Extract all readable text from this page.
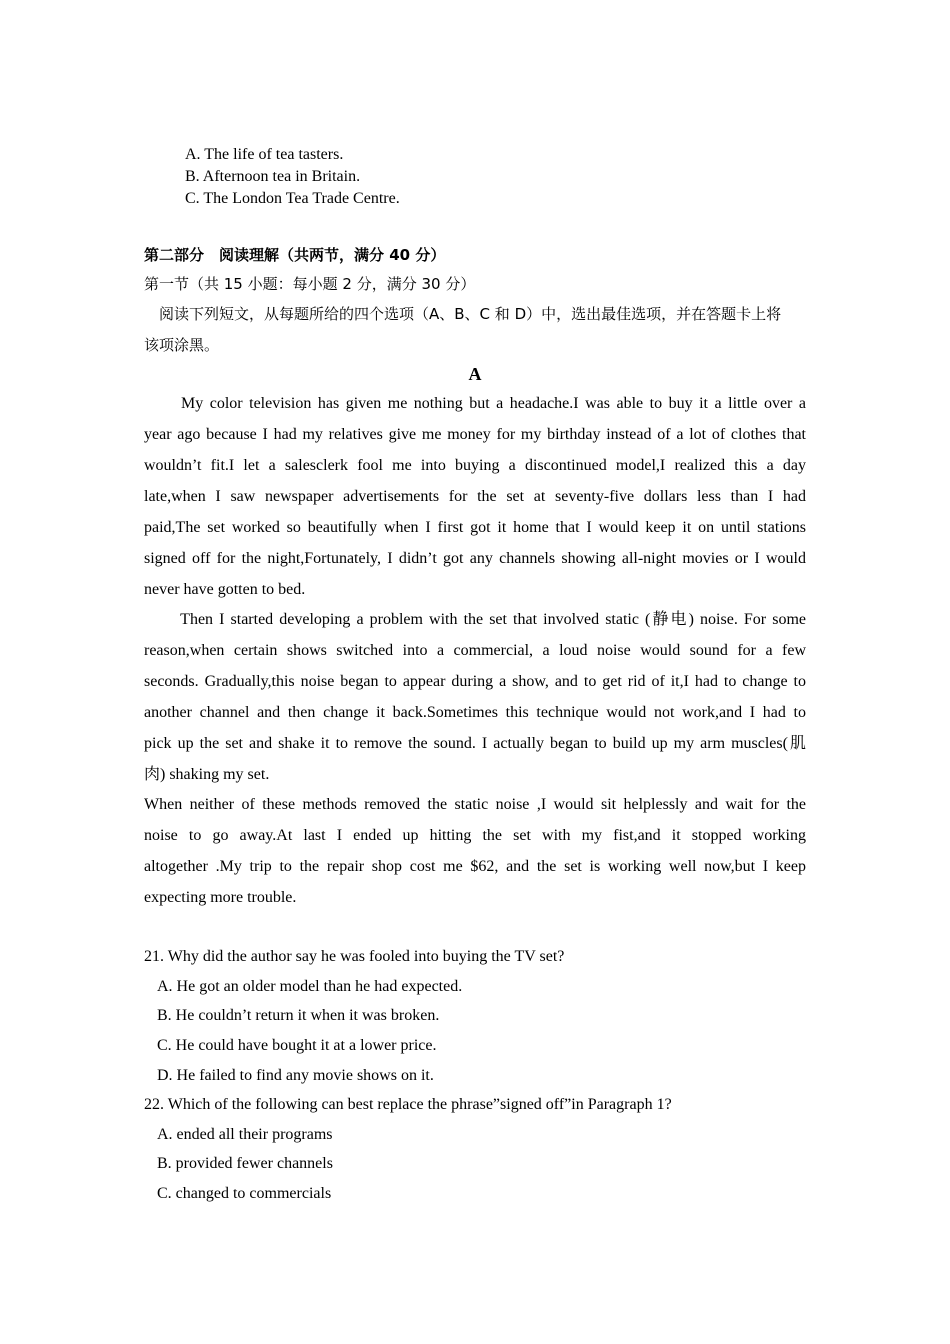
A. The life of tea tasters.
B. Afternoon tea in Britain.
C. The London Tea Trade Centre.
第二部分　阅读理解（共两节，满分 40 分）
第一节（共 15 小题：每小题 2 分，满分 30 分）
　阅读下列短文，从每题所给的四个选项（A、B、C 和 D）中，选出最佳选项，并在答题卡上将
该项涂黑。
A
　　My color television has given me nothing but a headache.I was able to buy it a little over a
year ago because I had my relatives give me money for my birthday instead of a lot of clothes that
wouldn’t fit.I let a salesclerk fool me into buying a discontinued model,I realized this a day
late,when I saw newspaper advertisements for the set at seventy-five dollars less than I had
paid,The set worked so beautifully when I first got it home that I would keep it on until stations
signed off for the night,Fortunately, I didn’t got any channels showing all-night movies or I would
never have gotten to bed.
　　Then I started developing a problem with the set that involved static (静电) noise. For some
reason,when certain shows switched into a commercial, a loud noise would sound for a few
seconds. Gradually,this noise began to appear during a show, and to get rid of it,I had to change to
another channel and then change it back.Sometimes this technique would not work,and I had to
pick up the set and shake it to remove the sound. I actually began to build up my arm muscles(肌
肉) shaking my set.
When neither of these methods removed the static noise ,I would sit helplessly and wait for the
noise to go away.At last I ended up hitting the set with my fist,and it stopped working
altogether .My trip to the repair shop cost me $62, and the set is working well now,but I keep
expecting more trouble.
21. Why did the author say he was fooled into buying the TV set?
A. He got an older model than he had expected.
B. He couldn’t return it when it was broken.
C. He could have bought it at a lower price.
D. He failed to find any movie shows on it.
22. Which of the following can best replace the phrase”signed off”in Paragraph 1?
A. ended all their programs
B. provided fewer channels
C. changed to commercials
